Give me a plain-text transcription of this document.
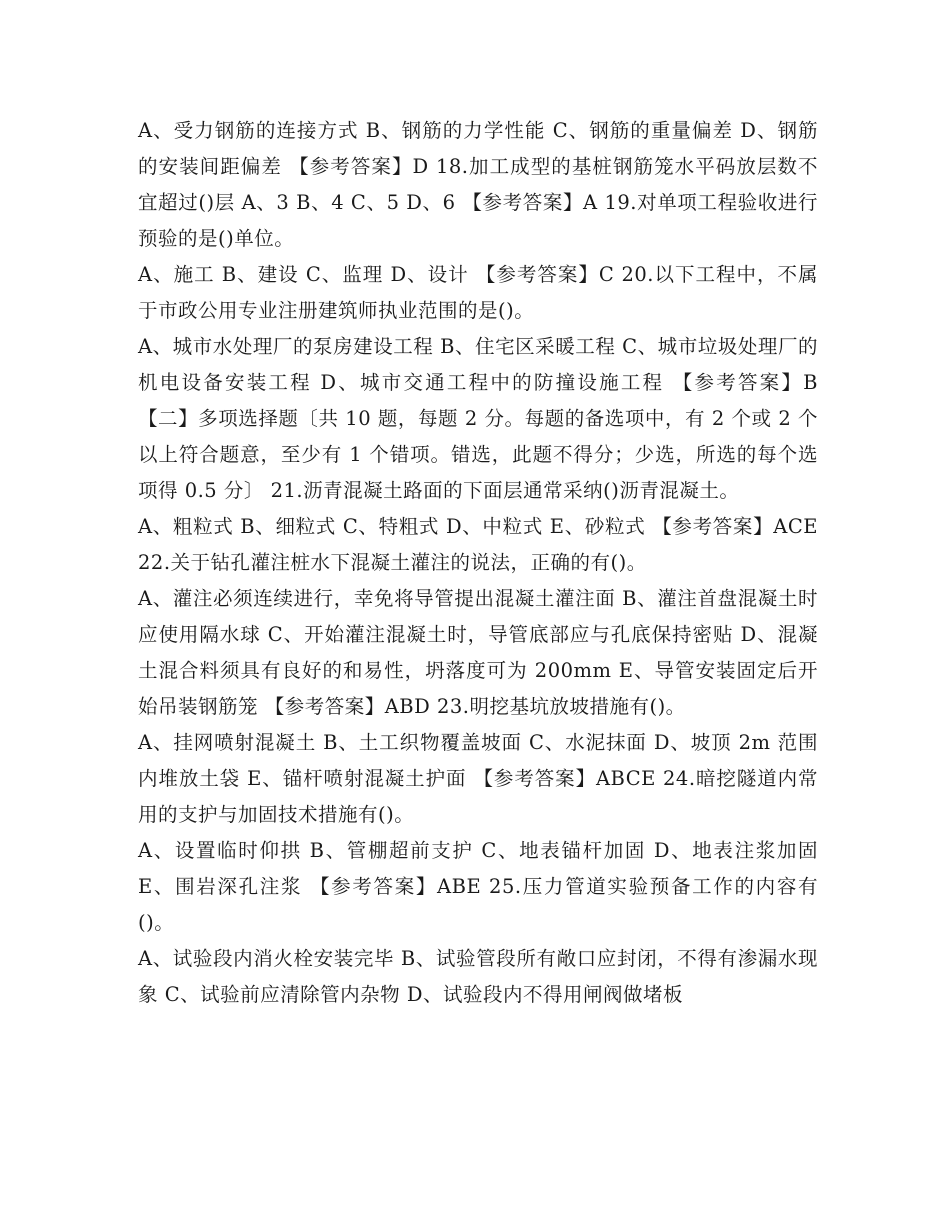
A、受力钢筋的连接方式 B、钢筋的力学性能 C、钢筋的重量偏差 D、钢筋的安装间距偏差 【参考答案】D 18.加工成型的基桩钢筋笼水平码放层数不宜超过()层 A、3 B、4 C、5 D、6 【参考答案】A 19.对单项工程验收进行预验的是()单位。

A、施工 B、建设 C、监理 D、设计 【参考答案】C 20.以下工程中，不属于市政公用专业注册建筑师执业范围的是()。

A、城市水处理厂的泵房建设工程 B、住宅区采暖工程 C、城市垃圾处理厂的机电设备安装工程 D、城市交通工程中的防撞设施工程 【参考答案】B 【二】多项选择题〔共 10 题，每题 2 分。每题的备选项中，有 2 个或 2 个以上符合题意，至少有 1 个错项。错选，此题不得分；少选，所选的每个选项得 0.5 分〕 21.沥青混凝土路面的下面层通常采纳()沥青混凝土。

A、粗粒式 B、细粒式 C、特粗式 D、中粒式 E、砂粒式 【参考答案】ACE 22.关于钻孔灌注桩水下混凝土灌注的说法，正确的有()。

A、灌注必须连续进行，幸免将导管提出混凝土灌注面 B、灌注首盘混凝土时应使用隔水球 C、开始灌注混凝土时，导管底部应与孔底保持密贴 D、混凝土混合料须具有良好的和易性，坍落度可为 200mm E、导管安装固定后开始吊装钢筋笼 【参考答案】ABD 23.明挖基坑放坡措施有()。

A、挂网喷射混凝土 B、土工织物覆盖坡面 C、水泥抹面 D、坡顶 2m 范围内堆放土袋 E、锚杆喷射混凝土护面 【参考答案】ABCE 24.暗挖隧道内常用的支护与加固技术措施有()。

A、设置临时仰拱 B、管棚超前支护 C、地表锚杆加固 D、地表注浆加固 E、围岩深孔注浆 【参考答案】ABE 25.压力管道实验预备工作的内容有()。

A、试验段内消火栓安装完毕 B、试验管段所有敞口应封闭，不得有渗漏水现象 C、试验前应清除管内杂物 D、试验段内不得用闸阀做堵板
